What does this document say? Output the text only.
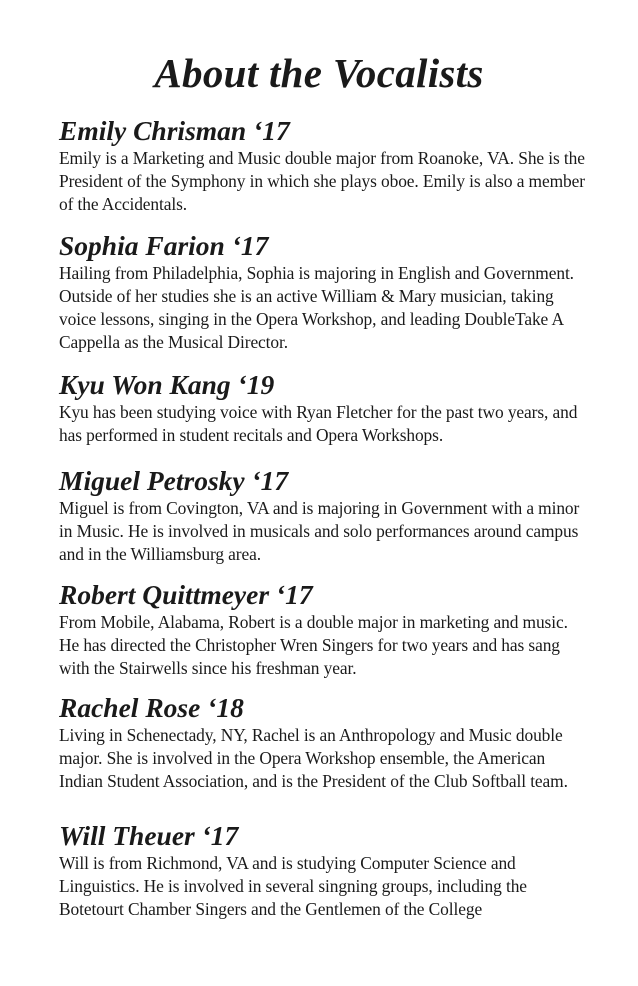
About the Vocalists
Emily Chrisman ‘17

Emily is a Marketing and Music double major from Roanoke, VA. She is the President of the Symphony in which she plays oboe. Emily is also a member of the Accidentals.

Sophia Farion ‘17

Hailing from Philadelphia, Sophia is majoring in English and Government. Outside of her studies she is an active William & Mary musician, taking voice lessons, singing in the Opera Workshop, and leading DoubleTake A Cappella as the Musical Director.

Kyu Won Kang ‘19

Kyu has been studying voice with Ryan Fletcher for the past two years, and has performed in student recitals and Opera Workshops.

Miguel Petrosky ‘17

Miguel is from Covington, VA and is majoring in Government with a minor in Music. He is involved in musicals and solo performances around campus and in the Williamsburg area.

Robert Quittmeyer ‘17

From Mobile, Alabama, Robert is a double major in marketing and music. He has directed the Christopher Wren Singers for two years and has sang with the Stairwells since his freshman year.

Rachel Rose ‘18

Living in Schenectady, NY, Rachel is an Anthropology and Music double major. She is involved in the Opera Workshop ensemble, the American Indian Student Association, and is the President of the Club Softball team.

Will Theuer ‘17

Will is from Richmond, VA and is studying Computer Science and Linguistics. He is involved in several singning groups, including the Botetourt Chamber Singers and the Gentlemen of the College
